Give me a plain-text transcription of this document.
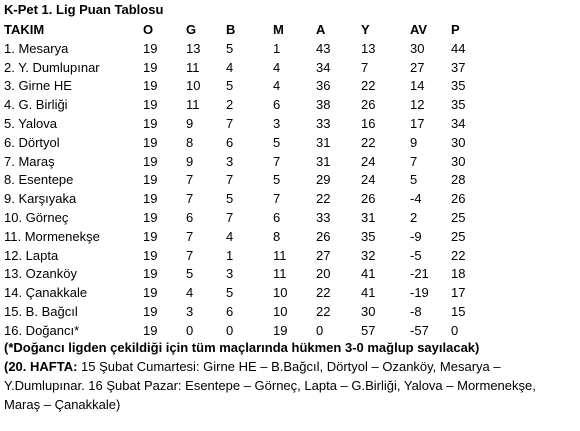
K-Pet 1. Lig Puan Tablosu
TAKIM	O	G	B	M	A	Y	AV	P
1. Mesarya	19	13	5	1	43	13	30	44
2. Y. Dumlupınar	19	11	4	4	34	7	27	37
3. Girne HE	19	10	5	4	36	22	14	35
4. G. Birliği	19	11	2	6	38	26	12	35
5. Yalova	19	9	7	3	33	16	17	34
6. Dörtyol	19	8	6	5	31	22	9	30
7. Maraş	19	9	3	7	31	24	7	30
8. Esentepe	19	7	7	5	29	24	5	28
9. Karşıyaka	19	7	5	7	22	26	-4	26
10. Görneç	19	6	7	6	33	31	2	25
11. Mormenekşe	19	7	4	8	26	35	-9	25
12. Lapta	19	7	1	11	27	32	-5	22
13. Ozanköy	19	5	3	11	20	41	-21	18
14. Çanakkale	19	4	5	10	22	41	-19	17
15. B. Bağcıl	19	3	6	10	22	30	-8	15
16. Doğancı*	19	0	0	19	0	57	-57	0

(*Doğancı ligden çekildiği için tüm maçlarında hükmen 3-0 mağlup sayılacak)

(20. HAFTA: 15 Şubat Cumartesi: Girne HE – B.Bağcıl, Dörtyol – Ozanköy, Mesarya –

Y.Dumlupınar. 16 Şubat Pazar: Esentepe – Görneç, Lapta – G.Birliği, Yalova – Mormenekşe,

Maraş – Çanakkale)
